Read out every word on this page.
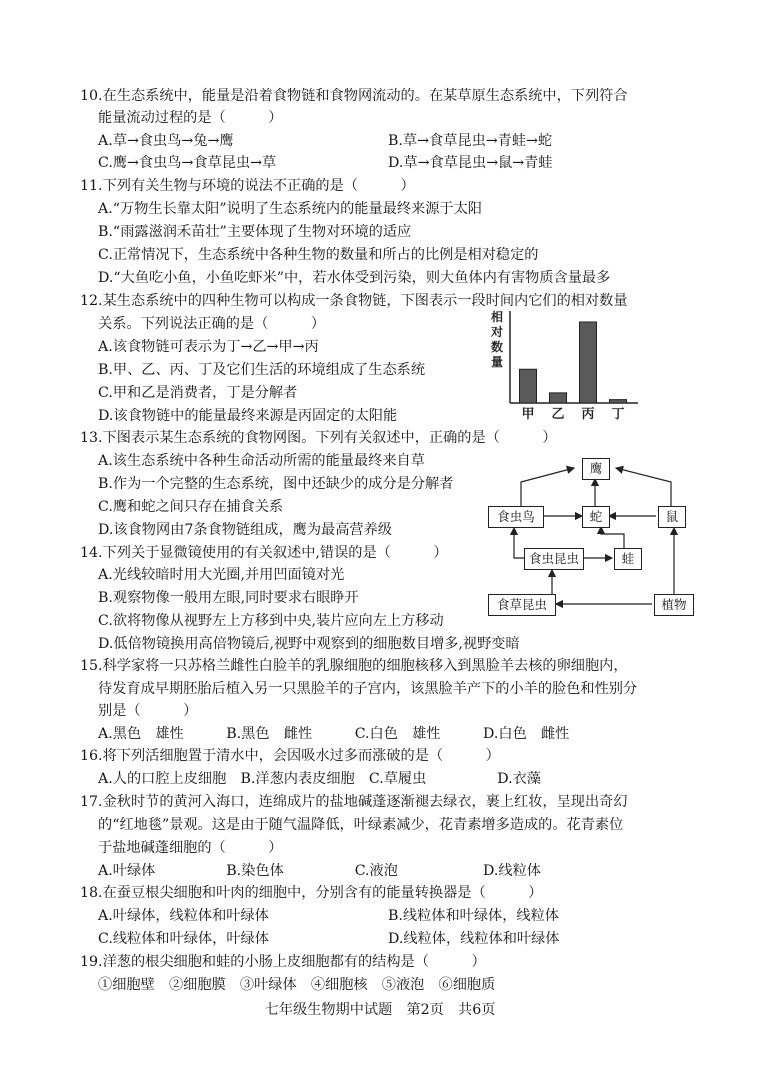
10.在生态系统中，能量是沿着食物链和食物网流动的。在某草原生态系统中，下列符合
能量流动过程的是（　　　）
A.草→食虫鸟→兔→鹰	B.草→食草昆虫→青蛙→蛇
C.鹰→食虫鸟→食草昆虫→草	D.草→食草昆虫→鼠→青蛙
11.下列有关生物与环境的说法不正确的是（　　　）
A.“万物生长靠太阳”说明了生态系统内的能量最终来源于太阳
B.“雨露滋润禾苗壮”主要体现了生物对环境的适应
C.正常情况下，生态系统中各种生物的数量和所占的比例是相对稳定的
D.“大鱼吃小鱼，小鱼吃虾米”中，若水体受到污染，则大鱼体内有害物质含量最多
12.某生态系统中的四种生物可以构成一条食物链，下图表示一段时间内它们的相对数量
关系。下列说法正确的是（　　　）
A.该食物链可表示为丁→乙→甲→丙
B.甲、乙、丙、丁及它们生活的环境组成了生态系统
C.甲和乙是消费者，丁是分解者
D.该食物链中的能量最终来源是丙固定的太阳能
13.下图表示某生态系统的食物网图。下列有关叙述中，正确的是（　　　）
A.该生态系统中各种生命活动所需的能量最终来自草
B.作为一个完整的生态系统，图中还缺少的成分是分解者
C.鹰和蛇之间只存在捕食关系
D.该食物网由7条食物链组成，鹰为最高营养级
14.下列关于显微镜使用的有关叙述中,错误的是（　　　）
A.光线较暗时用大光圈,并用凹面镜对光
B.观察物像一般用左眼,同时要求右眼睁开
C.欲将物像从视野左上方移到中央,装片应向左上方移动
D.低倍物镜换用高倍物镜后,视野中观察到的细胞数目增多,视野变暗
15.科学家将一只苏格兰雌性白脸羊的乳腺细胞的细胞核移入到黑脸羊去核的卵细胞内，
待发育成早期胚胎后植入另一只黑脸羊的子宫内，该黑脸羊产下的小羊的脸色和性别分
别是（　　　）
A.黑色　雄性　　　B.黑色　雌性　　　C.白色　雄性　　　D.白色　雌性
16.将下列活细胞置于清水中，会因吸水过多而涨破的是（　　　）
A.人的口腔上皮细胞　B.洋葱内表皮细胞　C.草履虫　　　　　D.衣藻
17.金秋时节的黄河入海口，连绵成片的盐地碱蓬逐渐褪去绿衣，裹上红妆，呈现出奇幻
的“红地毯”景观。这是由于随气温降低，叶绿素减少，花青素增多造成的。花青素位
于盐地碱蓬细胞的（　　　）
A.叶绿体　　　　　B.染色体　　　　　C.液泡　　　　　　D.线粒体
18.在蚕豆根尖细胞和叶肉的细胞中，分别含有的能量转换器是（　　　）
A.叶绿体，线粒体和叶绿体	B.线粒体和叶绿体，线粒体
C.线粒体和叶绿体，叶绿体	D.线粒体，线粒体和叶绿体
19.洋葱的根尖细胞和蛙的小肠上皮细胞都有的结构是（　　　）
①细胞壁　②细胞膜　③叶绿体　④细胞核　⑤液泡　⑥细胞质
相
对
数
量
甲 乙 丙 丁
鹰
食虫鸟	蛇	鼠
食虫昆虫	蛙
食草昆虫	植物
七年级生物期中试题　第2页　共6页
